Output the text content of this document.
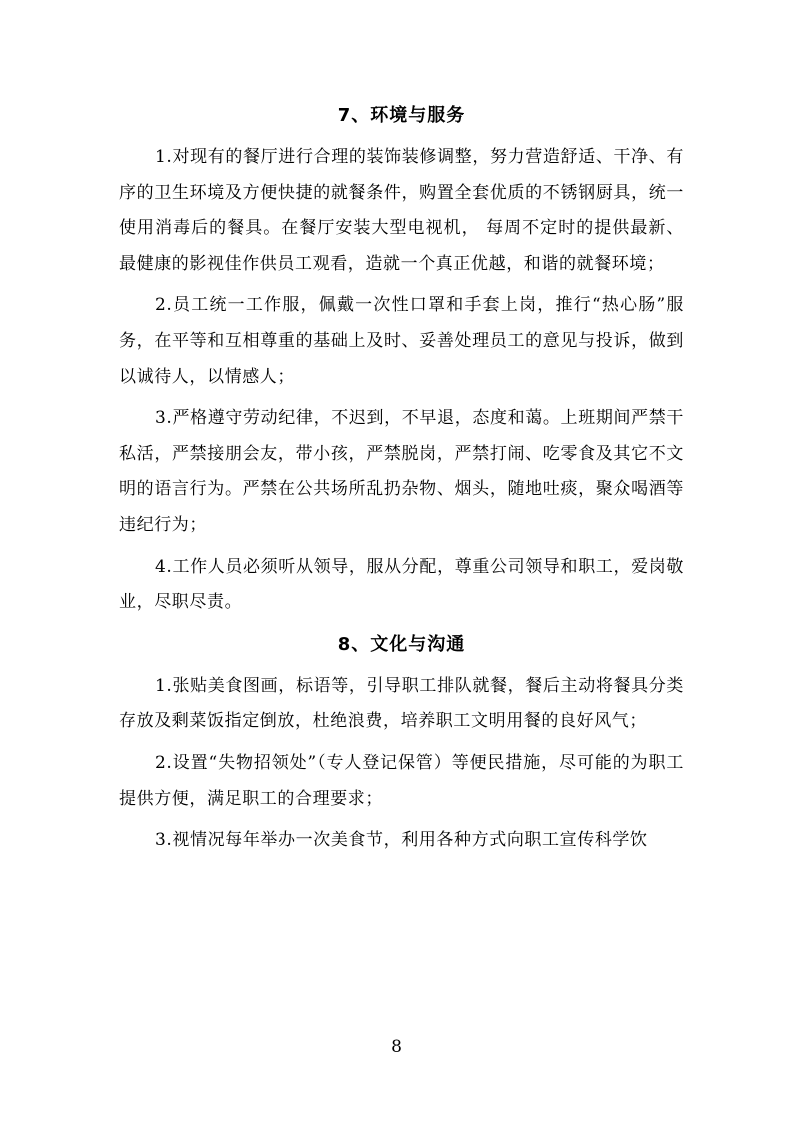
7、环境与服务

1.对现有的餐厅进行合理的装饰装修调整，努力营造舒适、干净、有序的卫生环境及方便快捷的就餐条件，购置全套优质的不锈钢厨具，统一使用消毒后的餐具。在餐厅安装大型电视机， 每周不定时的提供最新、最健康的影视佳作供员工观看，造就一个真正优越，和谐的就餐环境；

2.员工统一工作服，佩戴一次性口罩和手套上岗，推行“热心肠”服务，在平等和互相尊重的基础上及时、妥善处理员工的意见与投诉，做到以诚待人，以情感人；

3.严格遵守劳动纪律，不迟到，不早退，态度和蔼。上班期间严禁干私活，严禁接朋会友，带小孩，严禁脱岗，严禁打闹、吃零食及其它不文明的语言行为。严禁在公共场所乱扔杂物、烟头，随地吐痰，聚众喝酒等违纪行为；

4.工作人员必须听从领导，服从分配，尊重公司领导和职工，爱岗敬业，尽职尽责。

8、文化与沟通

1.张贴美食图画，标语等，引导职工排队就餐，餐后主动将餐具分类存放及剩菜饭指定倒放，杜绝浪费，培养职工文明用餐的良好风气；

2.设置“失物招领处”（专人登记保管）等便民措施，尽可能的为职工提供方便，满足职工的合理要求；

3.视情况每年举办一次美食节，利用各种方式向职工宣传科学饮

8
